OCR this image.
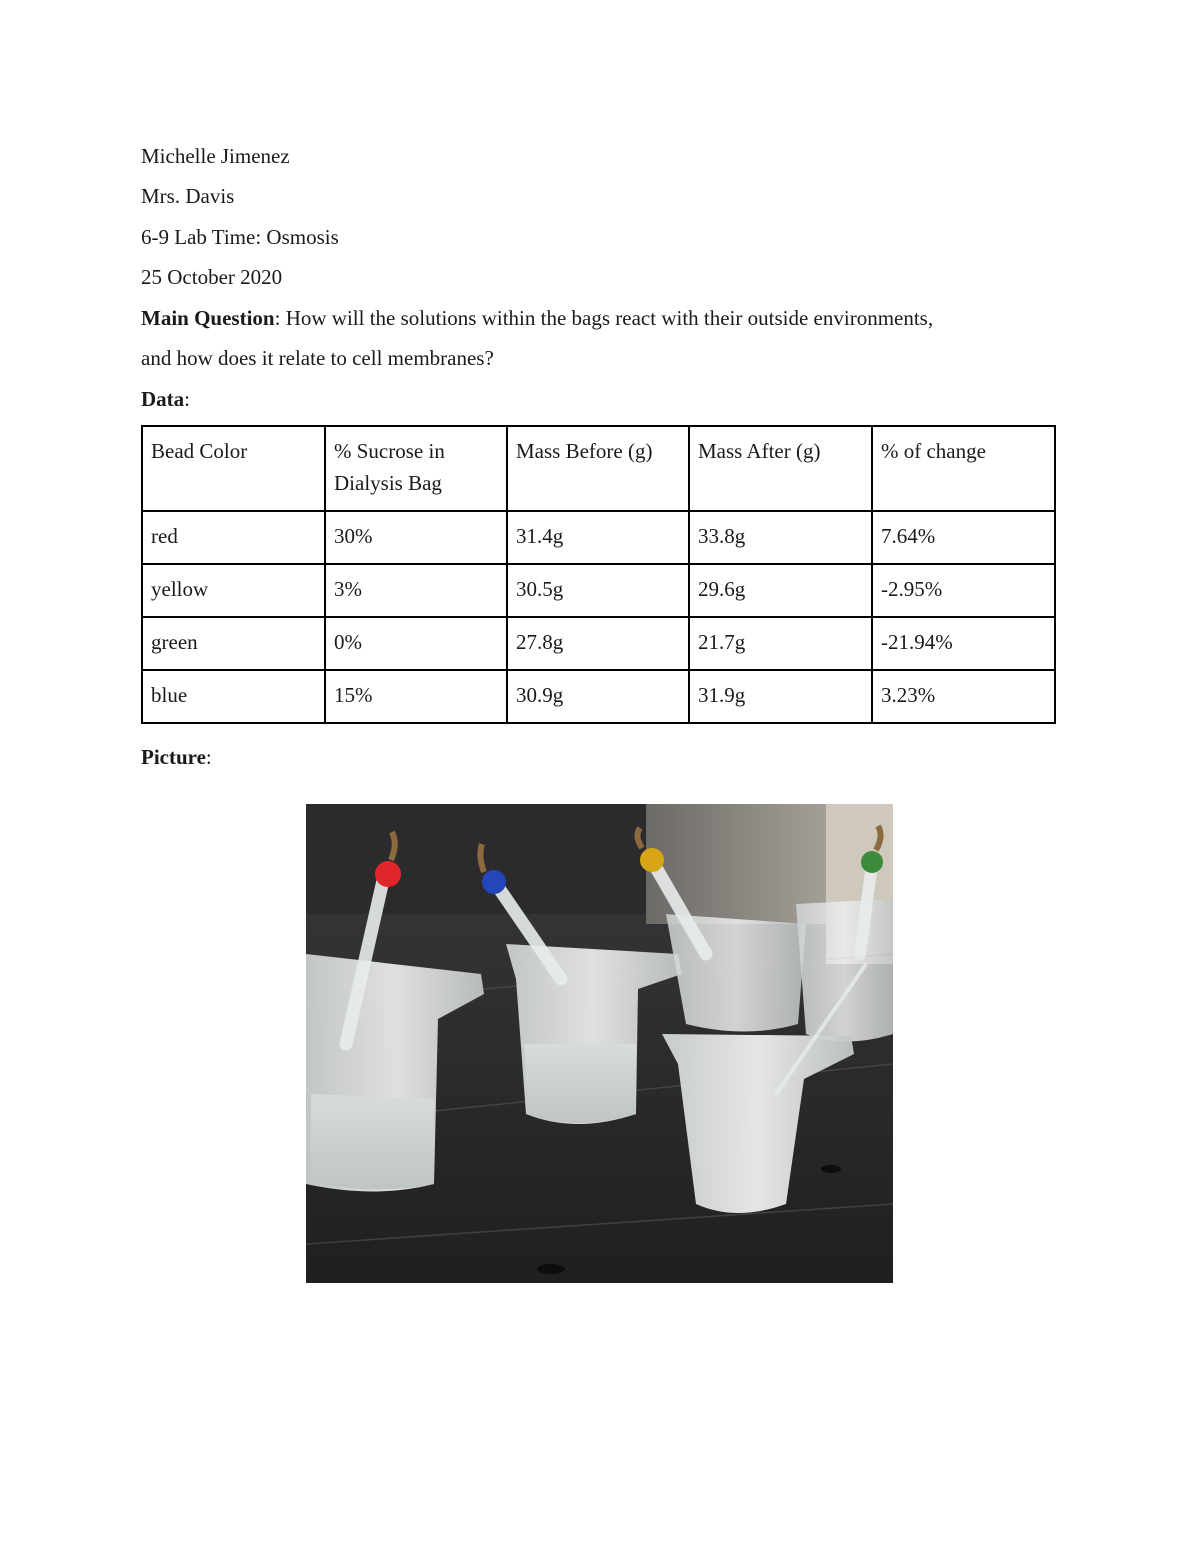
Michelle Jimenez
Mrs. Davis
6-9 Lab Time: Osmosis
25 October 2020
Main Question: How will the solutions within the bags react with their outside environments,
and how does it relate to cell membranes?
Data:
Bead Color	% Sucrose in Dialysis Bag	Mass Before (g)	Mass After (g)	% of change
red	30%	31.4g	33.8g	7.64%
yellow	3%	30.5g	29.6g	-2.95%
green	0%	27.8g	21.7g	-21.94%
blue	15%	30.9g	31.9g	3.23%
Picture:
